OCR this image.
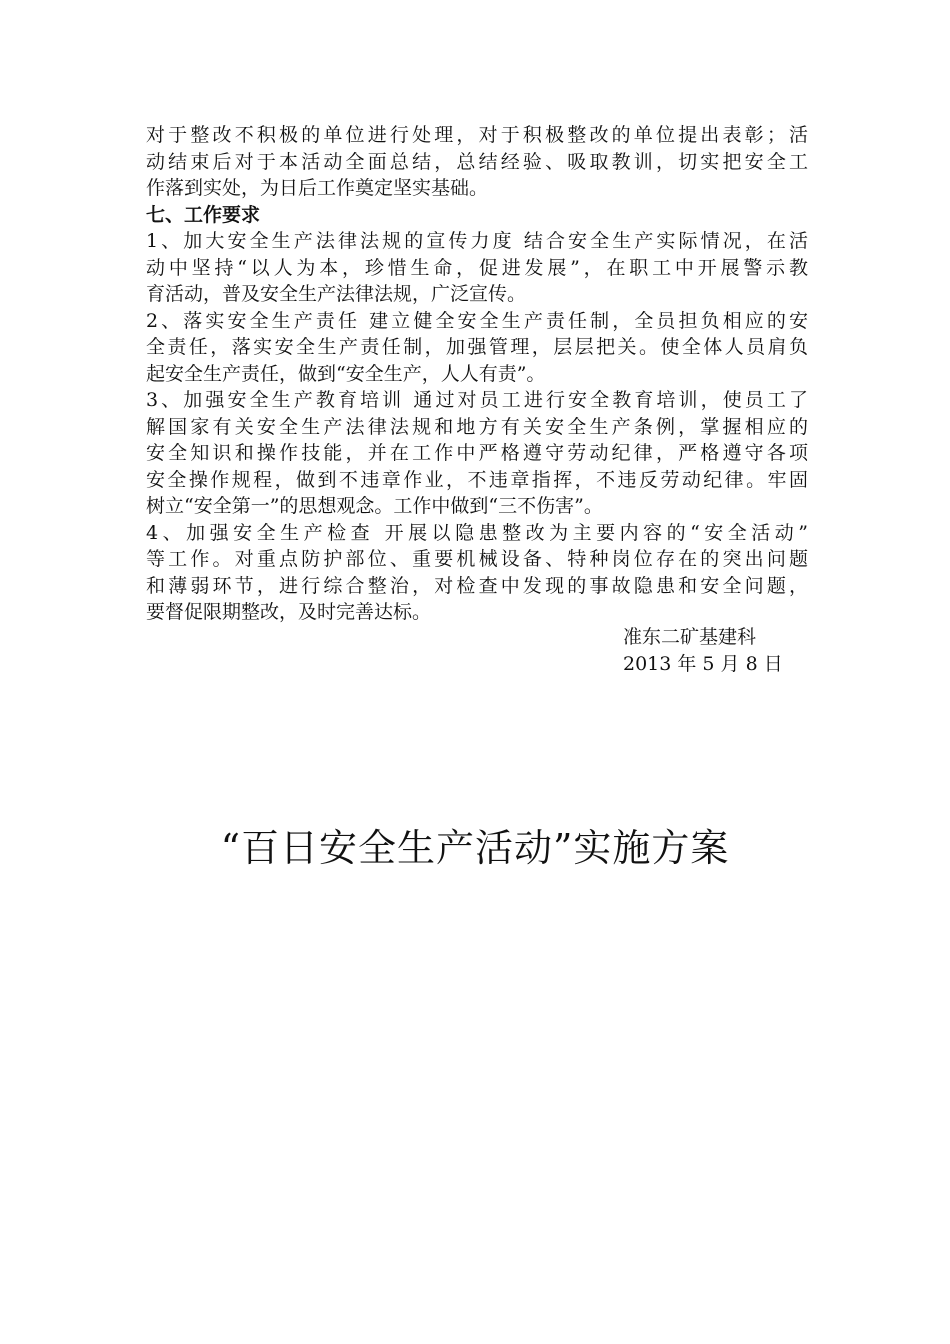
对于整改不积极的单位进行处理，对于积极整改的单位提出表彰；活
动结束后对于本活动全面总结，总结经验、吸取教训，切实把安全工
作落到实处，为日后工作奠定坚实基础。
七、工作要求
1、加大安全生产法律法规的宣传力度 结合安全生产实际情况，在活
动中坚持“以人为本，珍惜生命，促进发展”，在职工中开展警示教
育活动，普及安全生产法律法规，广泛宣传。
2、落实安全生产责任 建立健全安全生产责任制，全员担负相应的安
全责任，落实安全生产责任制，加强管理，层层把关。使全体人员肩负
起安全生产责任，做到“安全生产，人人有责”。
3、加强安全生产教育培训 通过对员工进行安全教育培训，使员工了
解国家有关安全生产法律法规和地方有关安全生产条例，掌握相应的
安全知识和操作技能，并在工作中严格遵守劳动纪律，严格遵守各项
安全操作规程，做到不违章作业，不违章指挥，不违反劳动纪律。牢固
树立“安全第一”的思想观念。工作中做到“三不伤害”。
4、加强安全生产检查 开展以隐患整改为主要内容的“安全活动”
等工作。对重点防护部位、重要机械设备、特种岗位存在的突出问题
和薄弱环节，进行综合整治，对检查中发现的事故隐患和安全问题，
要督促限期整改，及时完善达标。
准东二矿基建科
2013 年 5 月 8 日
“百日安全生产活动”实施方案
